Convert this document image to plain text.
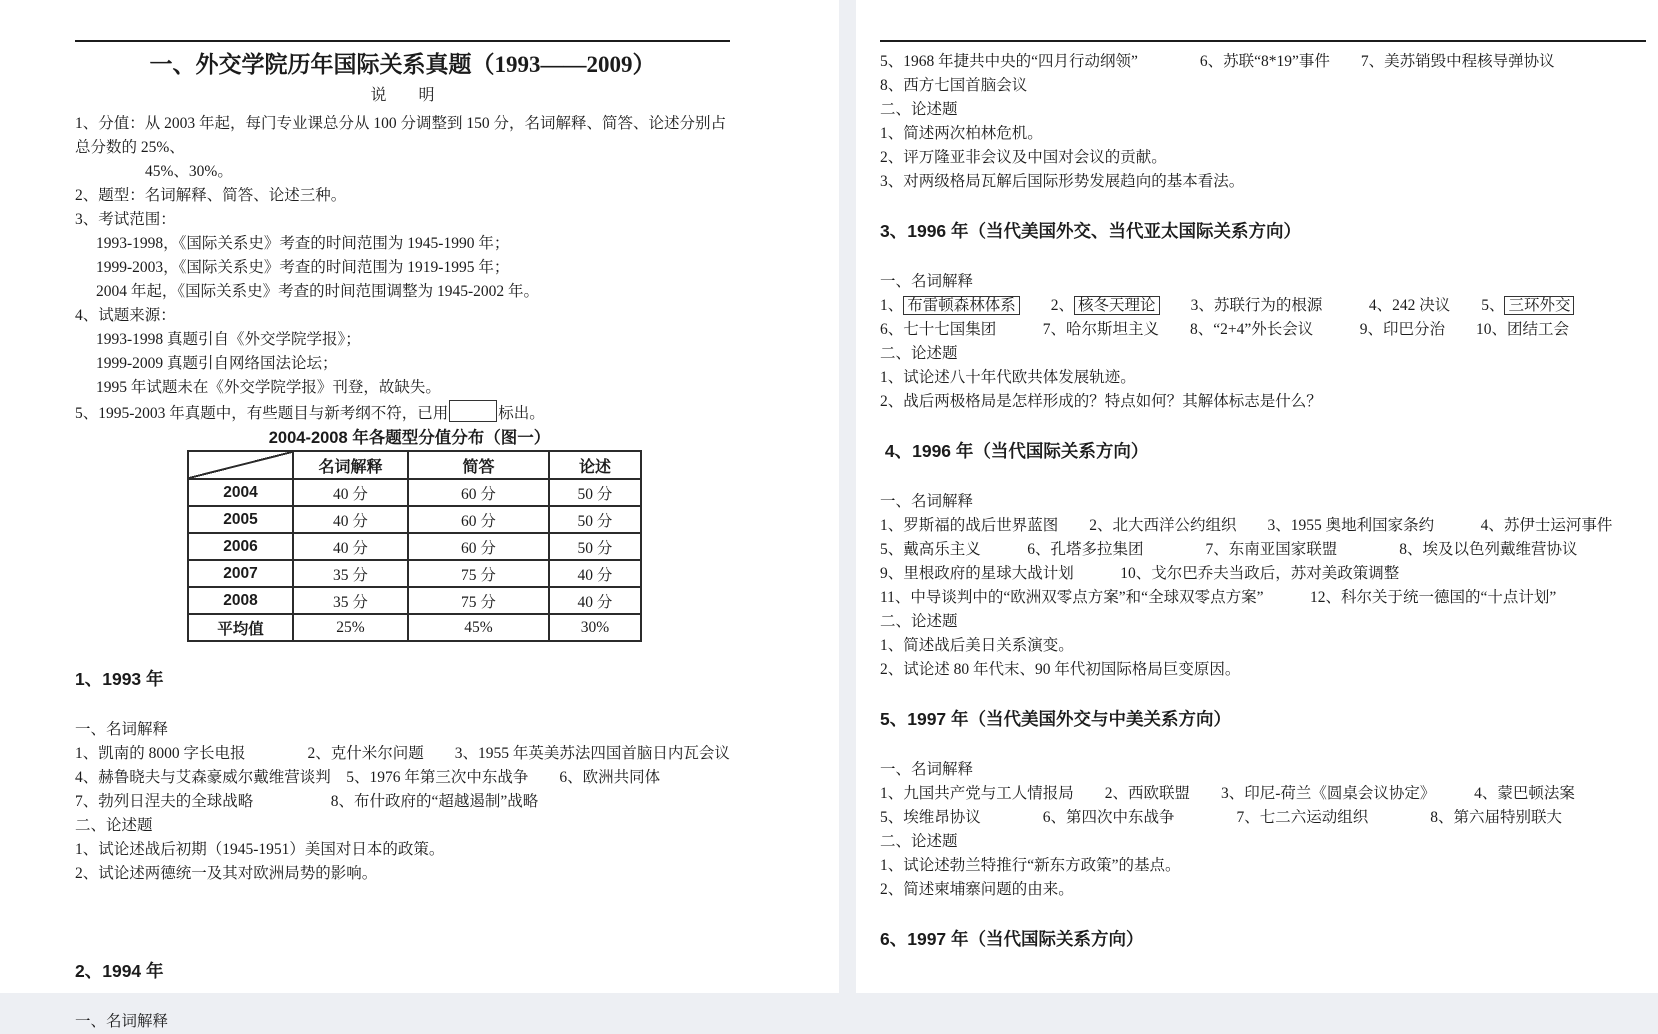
一、外交学院历年国际关系真题（1993——2009）
说　　明
1、分值：从 2003 年起，每门专业课总分从 100 分调整到 150 分，名词解释、简答、论述分别占总分数的 25%、
45%、30%。
2、题型：名词解释、简答、论述三种。
3、考试范围：
1993-1998，《国际关系史》考查的时间范围为 1945-1990 年；
1999-2003，《国际关系史》考查的时间范围为 1919-1995 年；
2004 年起，《国际关系史》考查的时间范围调整为 1945-2002 年。
4、试题来源：
1993-1998 真题引自《外交学院学报》；
1999-2009 真题引自网络国法论坛；
1995 年试题未在《外交学院学报》刊登，故缺失。
5、1995-2003 年真题中，有些题目与新考纲不符，已用	标出。
2004-2008 年各题型分值分布（图一）
	名词解释	简答	论述
2004	40 分	60 分	50 分
2005	40 分	60 分	50 分
2006	40 分	60 分	50 分
2007	35 分	75 分	40 分
2008	35 分	75 分	40 分
平均值	25%	45%	30%
1、1993 年
一、名词解释
1、凯南的 8000 字长电报　　　　2、克什米尔问题　　3、1955 年英美苏法四国首脑日内瓦会议
4、赫鲁晓夫与艾森豪威尔戴维营谈判　5、1976 年第三次中东战争　　6、欧洲共同体
7、勃列日涅夫的全球战略　　　　　8、布什政府的“超越遏制”战略
二、论述题
1、试论述战后初期（1945-1951）美国对日本的政策。
2、试论述两德统一及其对欧洲局势的影响。
2、1994 年
一、名词解释
5、1968 年捷共中央的“四月行动纲领”　　　　6、苏联“8*19”事件　　7、美苏销毁中程核导弹协议
8、西方七国首脑会议
二、论述题
1、简述两次柏林危机。
2、评万隆亚非会议及中国对会议的贡献。
3、对两级格局瓦解后国际形势发展趋向的基本看法。
3、1996 年（当代美国外交、当代亚太国际关系方向）
一、名词解释
1、 布雷顿森林体系　　2、 核冬天理论　　3、苏联行为的根源　　　4、242 决议　　5、 三环外交
6、七十七国集团　　　7、哈尔斯坦主义　　8、“2+4”外长会议　　　9、印巴分治　　10、团结工会
二、论述题
1、试论述八十年代欧共体发展轨迹。
2、战后两极格局是怎样形成的？特点如何？其解体标志是什么？
4、1996 年（当代国际关系方向）
一、名词解释
1、罗斯福的战后世界蓝图　　2、北大西洋公约组织　　3、1955 奥地利国家条约　　　4、苏伊士运河事件
5、戴高乐主义　　　6、孔塔多拉集团　　　　7、东南亚国家联盟　　　　8、埃及以色列戴维营协议
9、里根政府的星球大战计划　　　10、戈尔巴乔夫当政后，苏对美政策调整
11、中导谈判中的“欧洲双零点方案”和“全球双零点方案”　　　12、科尔关于统一德国的“十点计划”
二、论述题
1、简述战后美日关系演变。
2、试论述 80 年代末、90 年代初国际格局巨变原因。
5、1997 年（当代美国外交与中美关系方向）
一、名词解释
1、九国共产党与工人情报局　　2、西欧联盟　　3、印尼-荷兰《圆桌会议协定》　　　4、蒙巴顿法案
5、埃维昂协议　　　　6、第四次中东战争　　　　7、七二六运动组织　　　　8、第六届特别联大
二、论述题
1、试论述勃兰特推行“新东方政策”的基点。
2、简述柬埔寨问题的由来。
6、1997 年（当代国际关系方向）
